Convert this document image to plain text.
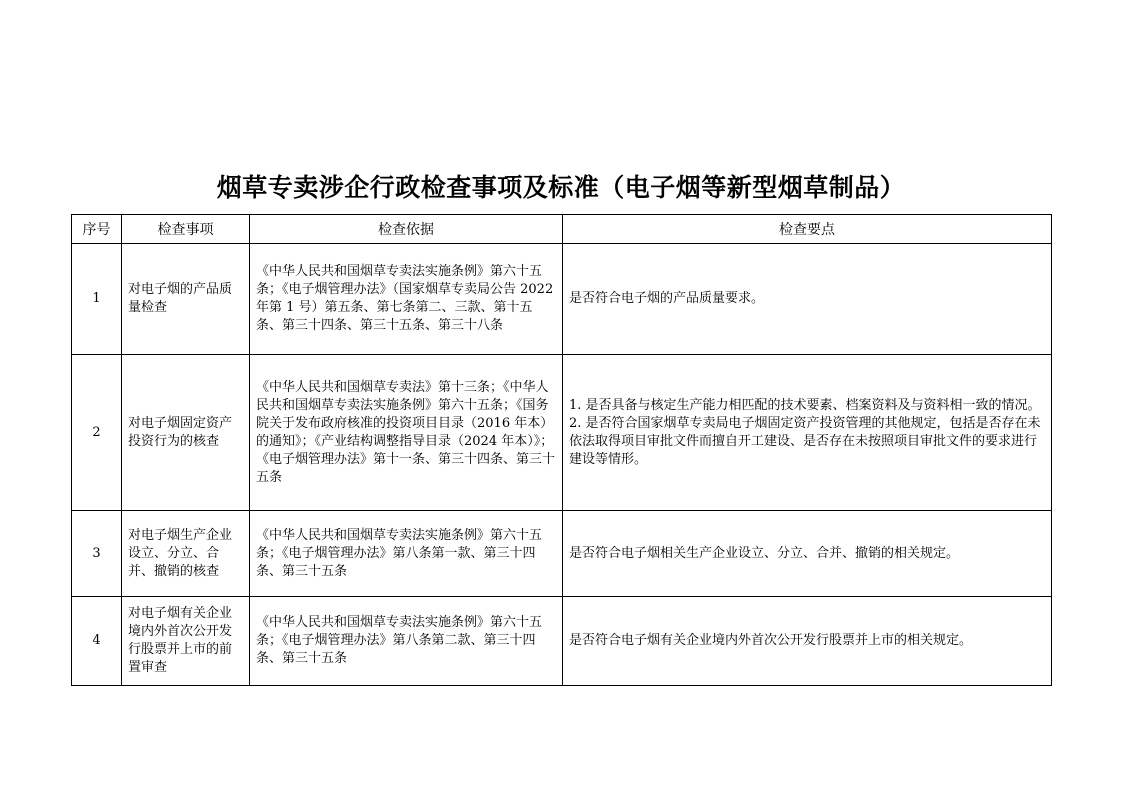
烟草专卖涉企行政检查事项及标准（电子烟等新型烟草制品）
序号	检查事项	检查依据	检查要点
1	对电子烟的产品质量检查	《中华人民共和国烟草专卖法实施条例》第六十五条；《电子烟管理办法》（国家烟草专卖局公告 2022 年第 1 号）第五条、第七条第二、三款、第十五条、第三十四条、第三十五条、第三十八条	是否符合电子烟的产品质量要求。

2	对电子烟固定资产投资行为的核查	《中华人民共和国烟草专卖法》第十三条；《中华人民共和国烟草专卖法实施条例》第六十五条；《国务院关于发布政府核准的投资项目目录（2016 年本）的通知》；《产业结构调整指导目录（2024 年本）》；《电子烟管理办法》第十一条、第三十四条、第三十五条	1. 是否具备与核定生产能力相匹配的技术要素、档案资料及与资料相一致的情况。
2. 是否符合国家烟草专卖局电子烟固定资产投资管理的其他规定，包括是否存在未依法取得项目审批文件而擅自开工建设、是否存在未按照项目审批文件的要求进行建设等情形。

3	对电子烟生产企业设立、分立、合并、撤销的核查	《中华人民共和国烟草专卖法实施条例》第六十五条；《电子烟管理办法》第八条第一款、第三十四条、第三十五条	是否符合电子烟相关生产企业设立、分立、合并、撤销的相关规定。

4	对电子烟有关企业境内外首次公开发行股票并上市的前置审查	《中华人民共和国烟草专卖法实施条例》第六十五条；《电子烟管理办法》第八条第二款、第三十四条、第三十五条	是否符合电子烟有关企业境内外首次公开发行股票并上市的相关规定。
